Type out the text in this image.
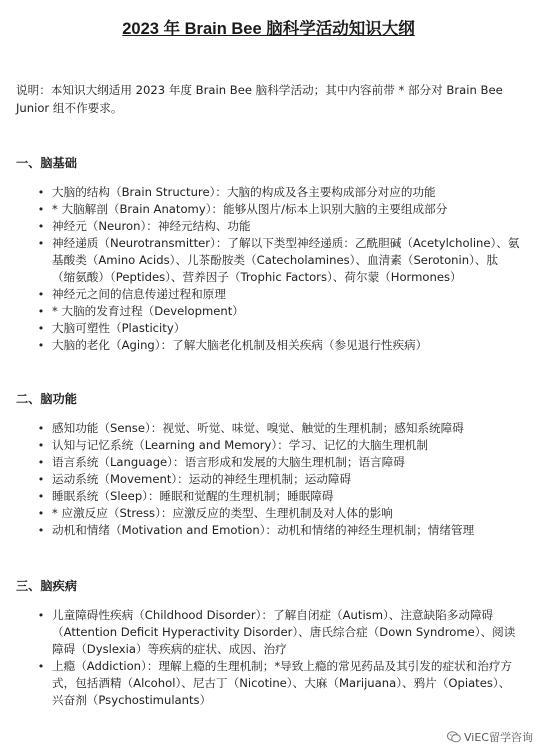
2023 年 Brain Bee 脑科学活动知识大纲

说明：本知识大纲适用 2023 年度 Brain Bee 脑科学活动；其中内容前带 * 部分对 Brain Bee Junior 组不作要求。

一、脑基础
• 大脑的结构（Brain Structure）：大脑的构成及各主要构成部分对应的功能
• * 大脑解剖（Brain Anatomy）：能够从图片/标本上识别大脑的主要组成部分
• 神经元（Neuron）：神经元结构、功能
• 神经递质（Neurotransmitter）：了解以下类型神经递质：乙酰胆碱（Acetylcholine）、氨基酸类（Amino Acids）、儿茶酚胺类（Catecholamines）、血清素（Serotonin）、肽（缩氨酸）（Peptides）、营养因子（Trophic Factors）、荷尔蒙（Hormones）
• 神经元之间的信息传递过程和原理
• * 大脑的发育过程（Development）
• 大脑可塑性（Plasticity）
• 大脑的老化（Aging）：了解大脑老化机制及相关疾病（参见退行性疾病）
二、脑功能
• 感知功能（Sense）：视觉、听觉、味觉、嗅觉、触觉的生理机制；感知系统障碍
• 认知与记忆系统（Learning and Memory）：学习、记忆的大脑生理机制
• 语言系统（Language）：语言形成和发展的大脑生理机制；语言障碍
• 运动系统（Movement）：运动的神经生理机制；运动障碍
• 睡眠系统（Sleep）：睡眠和觉醒的生理机制；睡眠障碍
• * 应激反应（Stress）：应激反应的类型、生理机制及对人体的影响
• 动机和情绪（Motivation and Emotion）：动机和情绪的神经生理机制；情绪管理
三、脑疾病
• 儿童障碍性疾病（Childhood Disorder）：了解自闭症（Autism）、注意缺陷多动障碍（Attention Deficit Hyperactivity Disorder）、唐氏综合症（Down Syndrome）、阅读障碍（Dyslexia）等疾病的症状、成因、治疗
• 上瘾（Addiction）：理解上瘾的生理机制；*导致上瘾的常见药品及其引发的症状和治疗方式，包括酒精（Alcohol）、尼古丁（Nicotine）、大麻（Marijuana）、鸦片（Opiates）、兴奋剂（Psychostimulants）
ViEC留学咨询
